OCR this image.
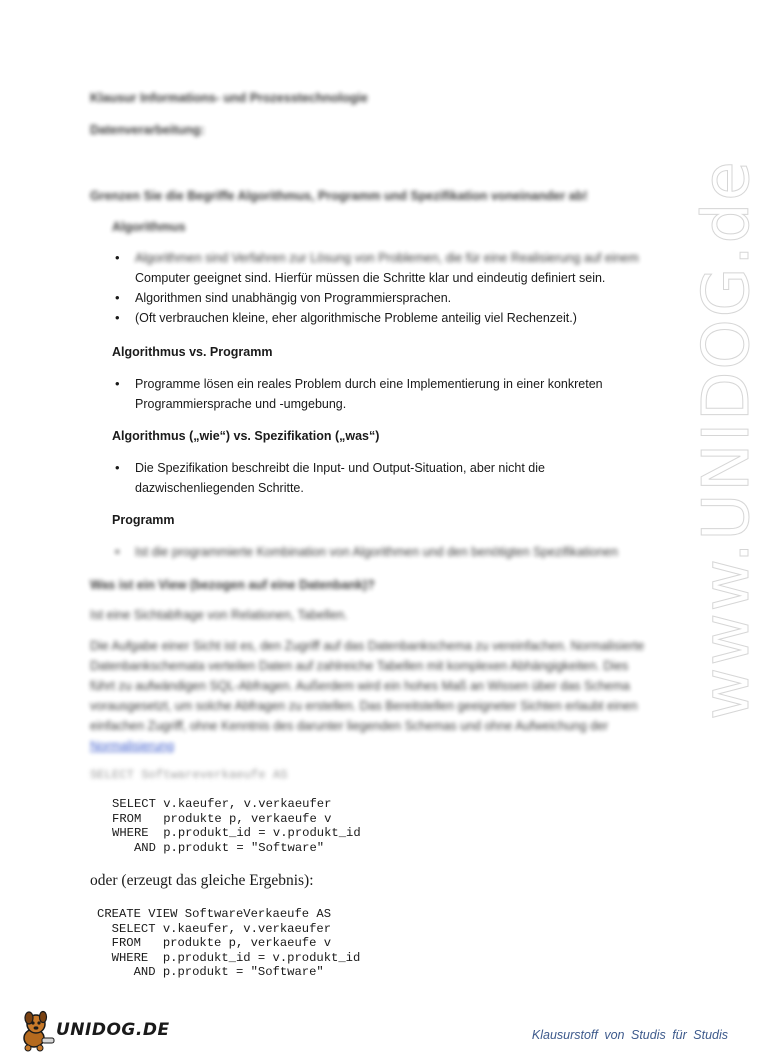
www.UNIDOG.de
Klausur Informations- und Prozesstechnologie
Datenverarbeitung:
Grenzen Sie die Begriffe Algorithmus, Programm und Spezifikation voneinander ab!
Algorithmus
• Algorithmen sind Verfahren zur Lösung von Problemen, die für eine Realisierung auf einem
Computer geeignet sind. Hierfür müssen die Schritte klar und eindeutig definiert sein.
• Algorithmen sind unabhängig von Programmiersprachen.
• (Oft verbrauchen kleine, eher algorithmische Probleme anteilig viel Rechenzeit.)
Algorithmus vs. Programm
• Programme lösen ein reales Problem durch eine Implementierung in einer konkreten
Programmiersprache und -umgebung.
Algorithmus („wie“) vs. Spezifikation („was“)
• Die Spezifikation beschreibt die Input- und Output-Situation, aber nicht die
dazwischenliegenden Schritte.
Programm
• Ist die programmierte Kombination von Algorithmen und den benötigten Spezifikationen
Was ist ein View (bezogen auf eine Datenbank)?
Ist eine Sichtabfrage von Relationen, Tabellen.
Die Aufgabe einer Sicht ist es, den Zugriff auf das Datenbankschema zu vereinfachen. Normalisierte
Datenbankschemata verteilen Daten auf zahlreiche Tabellen mit komplexen Abhängigkeiten. Dies
führt zu aufwändigen SQL-Abfragen. Außerdem wird ein hohes Maß an Wissen über das Schema
vorausgesetzt, um solche Abfragen zu erstellen. Das Bereitstellen geeigneter Sichten erlaubt einen
einfachen Zugriff, ohne Kenntnis des darunter liegenden Schemas und ohne Aufweichung der
Normalisierung
SELECT Softwareverkaeufe AS
SELECT v.kaeufer, v.verkaeufer
FROM   produkte p, verkaeufe v
WHERE  p.produkt_id = v.produkt_id
AND p.produkt = "Software"
oder (erzeugt das gleiche Ergebnis):
CREATE VIEW SoftwareVerkaeufe AS
SELECT v.kaeufer, v.verkaeufer
FROM   produkte p, verkaeufe v
WHERE  p.produkt_id = v.produkt_id
AND p.produkt = "Software"
UNIDOG.DE	Klausurstoff von Studis für Studis
